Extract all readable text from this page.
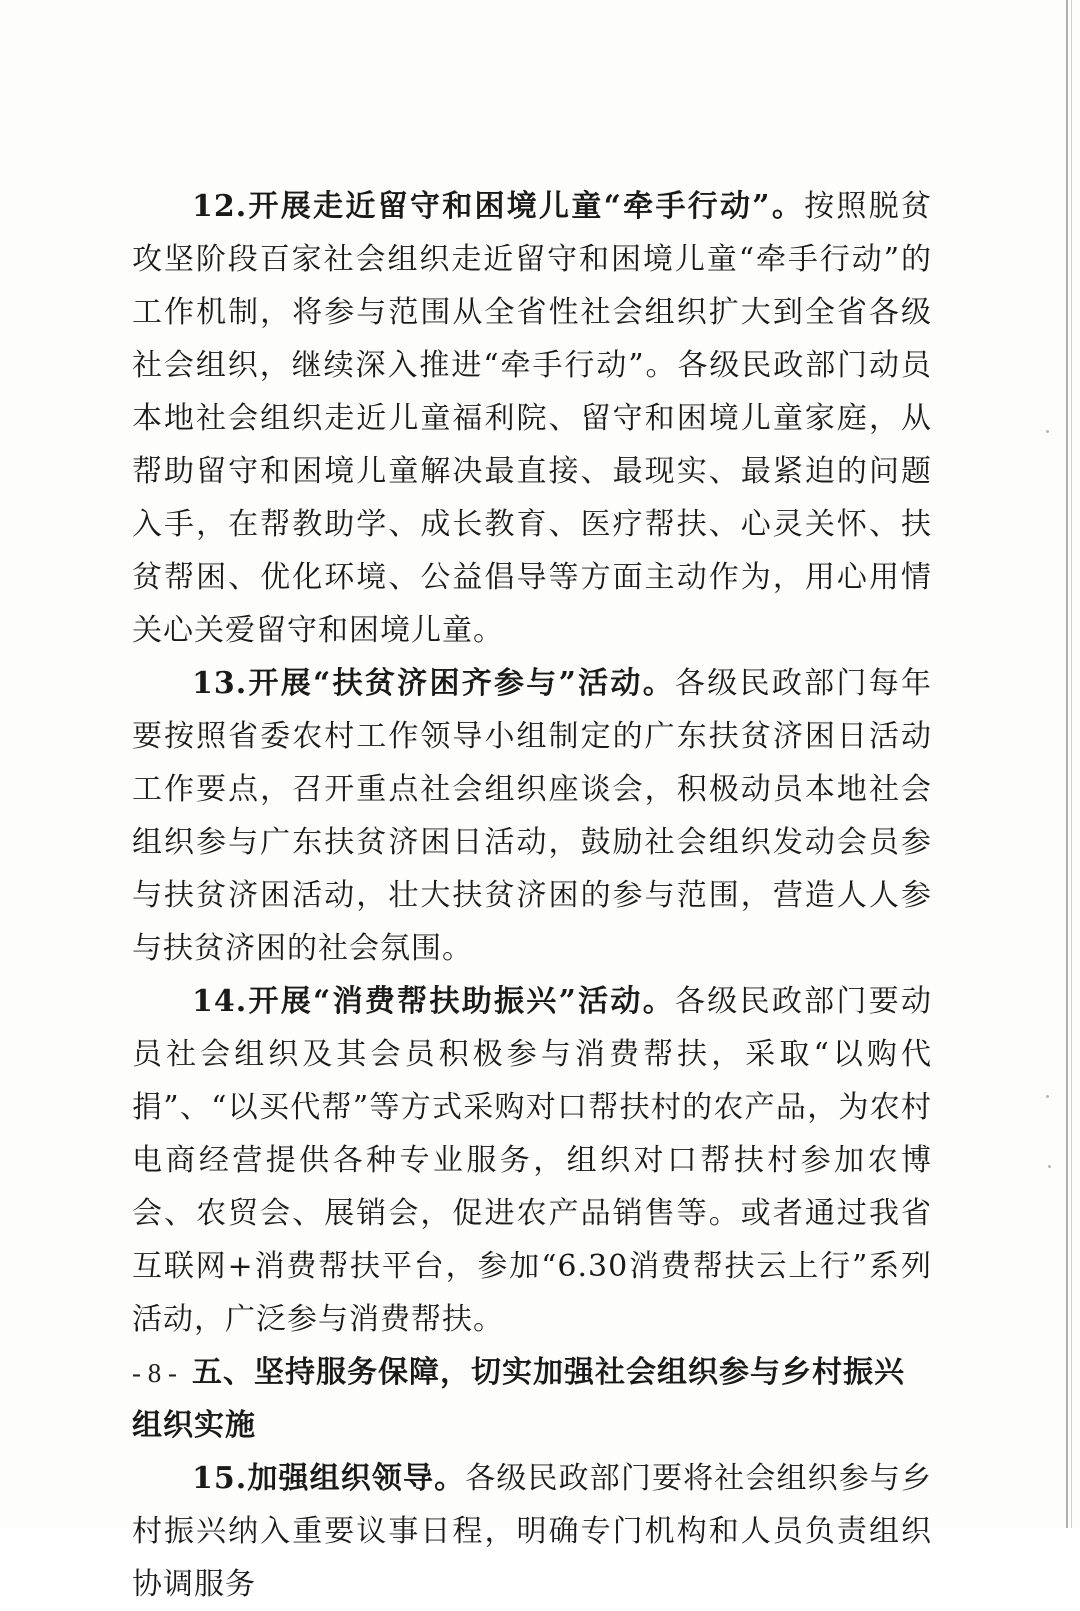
12.开展走近留守和困境儿童“牵手行动”。按照脱贫攻坚阶段百家社会组织走近留守和困境儿童“牵手行动”的工作机制，将参与范围从全省性社会组织扩大到全省各级社会组织，继续深入推进“牵手行动”。各级民政部门动员本地社会组织走近儿童福利院、留守和困境儿童家庭，从帮助留守和困境儿童解决最直接、最现实、最紧迫的问题入手，在帮教助学、成长教育、医疗帮扶、心灵关怀、扶贫帮困、优化环境、公益倡导等方面主动作为，用心用情关心关爱留守和困境儿童。

13.开展“扶贫济困齐参与”活动。各级民政部门每年要按照省委农村工作领导小组制定的广东扶贫济困日活动工作要点，召开重点社会组织座谈会，积极动员本地社会组织参与广东扶贫济困日活动，鼓励社会组织发动会员参与扶贫济困活动，壮大扶贫济困的参与范围，营造人人参与扶贫济困的社会氛围。

14.开展“消费帮扶助振兴”活动。各级民政部门要动员社会组织及其会员积极参与消费帮扶，采取“以购代捐”、“以买代帮”等方式采购对口帮扶村的农产品，为农村电商经营提供各种专业服务，组织对口帮扶村参加农博会、农贸会、展销会，促进农产品销售等。或者通过我省互联网+消费帮扶平台，参加“6.30消费帮扶云上行”系列活动，广泛参与消费帮扶。

五、坚持服务保障，切实加强社会组织参与乡村振兴组织实施

15.加强组织领导。各级民政部门要将社会组织参与乡村振兴纳入重要议事日程，明确专门机构和人员负责组织协调服务

- 8 -
